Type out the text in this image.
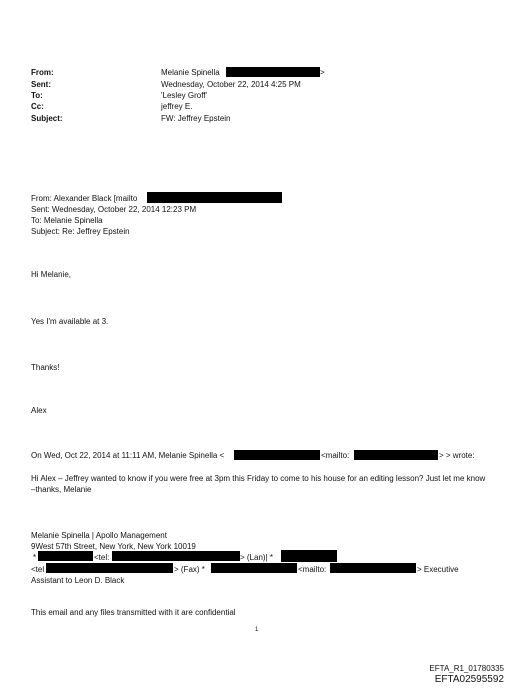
From:	Melanie Spinella	>
Sent:	Wednesday, October 22, 2014 4:25 PM
To:	'Lesley Groff'
Cc:	jeffrey E.
Subject:	FW: Jeffrey Epstein
From: Alexander Black [mailto
Sent: Wednesday, October 22, 2014 12:23 PM
To: Melanie Spinella
Subject: Re: Jeffrey Epstein
Hi Melanie,
Yes I'm available at 3.
Thanks!
Alex
On Wed, Oct 22, 2014 at 11:11 AM, Melanie Spinella <	<mailto:	> > wrote:
Hi Alex – Jeffrey wanted to know if you were free at 3pm this Friday to come to his house for an editing lesson? Just let me know –thanks, Melanie
Melanie Spinella | Apollo Management
9West 57th Street, New York, New York 10019
*	<tel:	> (Lan)| *
<tel	> (Fax) *	<mailto:	> Executive
Assistant to Leon D. Black
This email and any files transmitted with it are confidential
1
EFTA_R1_01780335
EFTA02595592
